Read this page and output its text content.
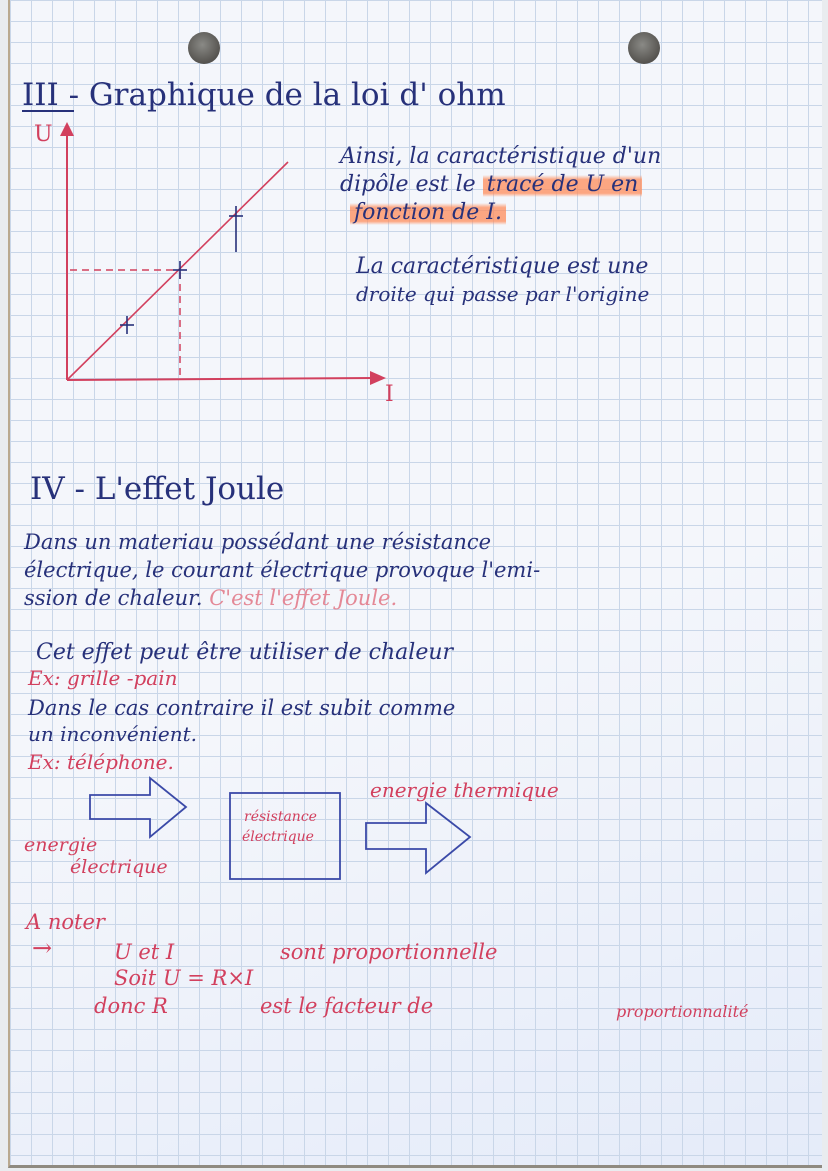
III - Graphique de la loi d' ohm

U

I

Ainsi, la caractéristique d'un

dipôle est le tracé de U en

fonction de I.

La caractéristique est une

droite qui passe par l'origine

IV - L'effet Joule

Dans un materiau possédant une résistance

électrique, le courant électrique provoque l'emi-

ssion de chaleur. C'est l'effet Joule.

Cet effet peut être utiliser de chaleur

Ex: grille -pain

Dans le cas contraire il est subit comme

un inconvénient.

Ex: téléphone.

résistance

électrique

energie

électrique

energie thermique

A noter

→	U et I	sont proportionnelle

Soit U = R×I

donc R	est le facteur de	proportionnalité
